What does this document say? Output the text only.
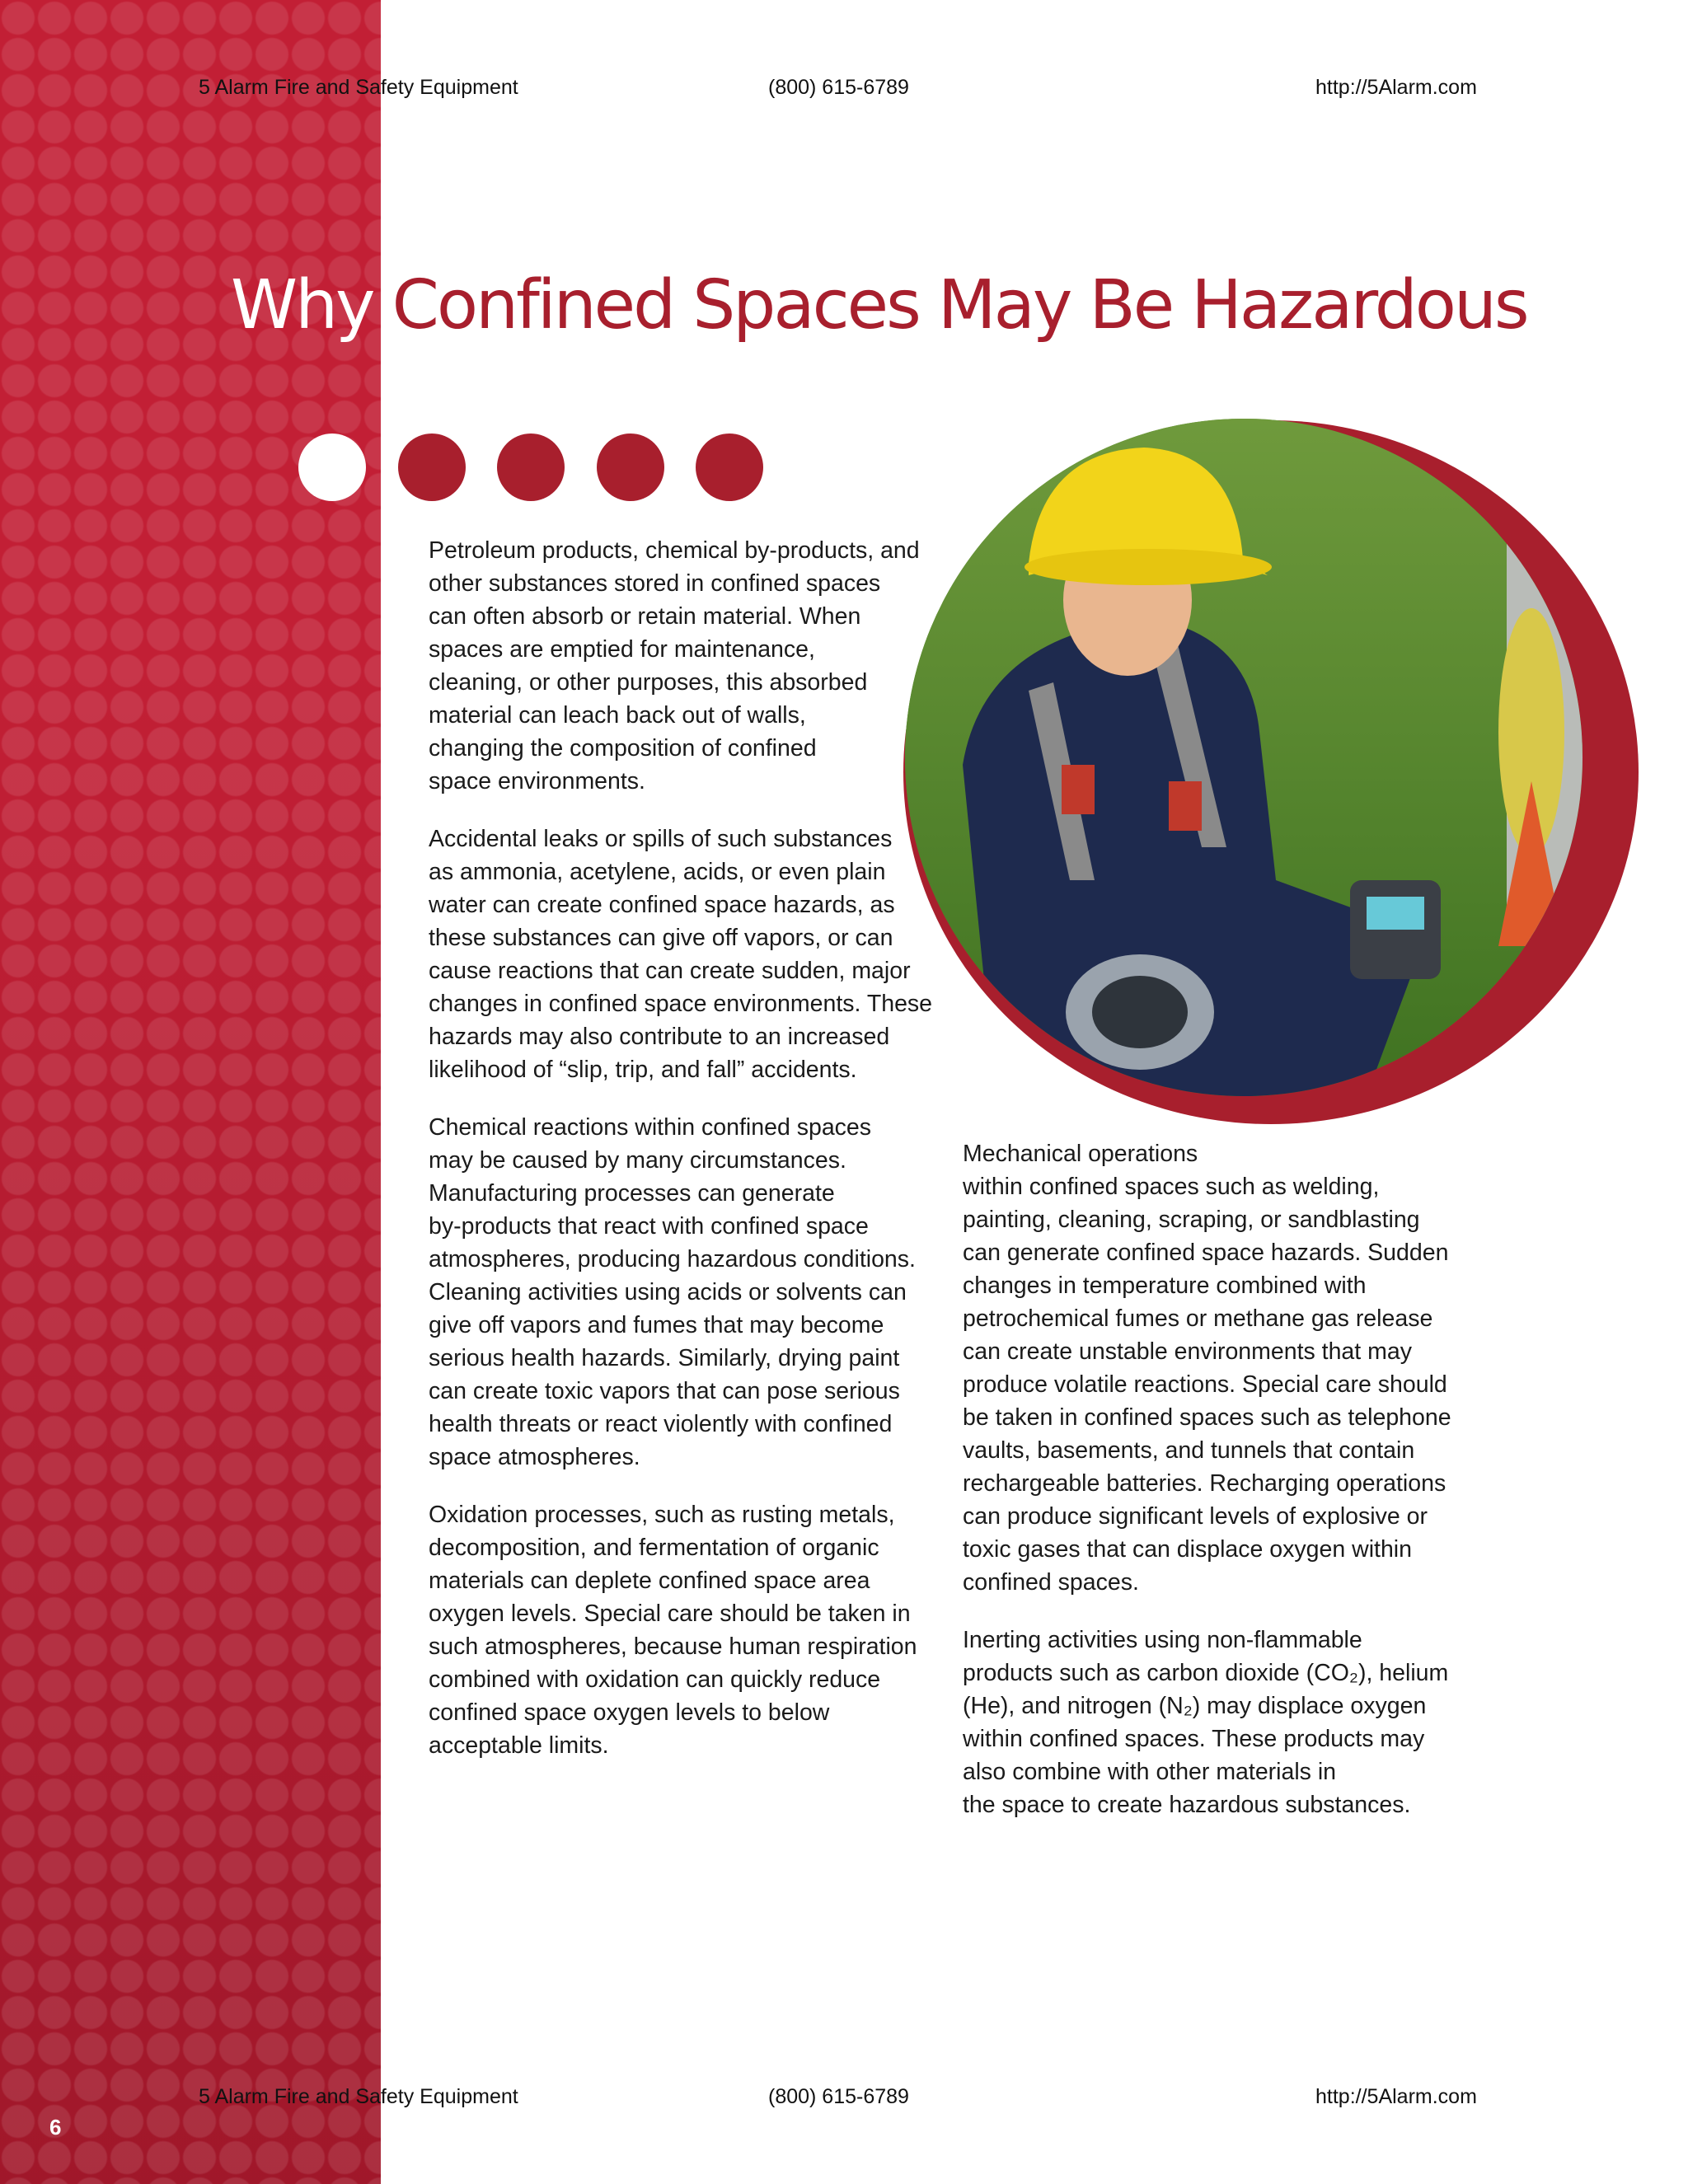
5 Alarm Fire and Safety Equipment	(800) 615-6789	http://5Alarm.com
Why Confined Spaces May Be Hazardous

Petroleum products, chemical by-products, and
other substances stored in confined spaces
can often absorb or retain material. When
spaces are emptied for maintenance,
cleaning, or other purposes, this absorbed
material can leach back out of walls,
changing the composition of confined
space environments.

Accidental leaks or spills of such substances
as ammonia, acetylene, acids, or even plain
water can create confined space hazards, as
these substances can give off vapors, or can
cause reactions that can create sudden, major
changes in confined space environments. These
hazards may also contribute to an increased
likelihood of “slip, trip, and fall” accidents.

Chemical reactions within confined spaces
may be caused by many circumstances.
Manufacturing processes can generate
by-products that react with confined space
atmospheres, producing hazardous conditions.
Cleaning activities using acids or solvents can
give off vapors and fumes that may become
serious health hazards. Similarly, drying paint
can create toxic vapors that can pose serious
health threats or react violently with confined
space atmospheres.

Oxidation processes, such as rusting metals,
decomposition, and fermentation of organic
materials can deplete confined space area
oxygen levels. Special care should be taken in
such atmospheres, because human respiration
combined with oxidation can quickly reduce
confined space oxygen levels to below
acceptable limits.

Mechanical operations
within confined spaces such as welding,
painting, cleaning, scraping, or sandblasting
can generate confined space hazards. Sudden
changes in temperature combined with
petrochemical fumes or methane gas release
can create unstable environments that may
produce volatile reactions. Special care should
be taken in confined spaces such as telephone
vaults, basements, and tunnels that contain
rechargeable batteries. Recharging operations
can produce significant levels of explosive or
toxic gases that can displace oxygen within
confined spaces.

Inerting activities using non-flammable
products such as carbon dioxide (CO₂), helium
(He), and nitrogen (N₂) may displace oxygen
within confined spaces. These products may
also combine with other materials in
the space to create hazardous substances.

5 Alarm Fire and Safety Equipment	(800) 615-6789	http://5Alarm.com
6
